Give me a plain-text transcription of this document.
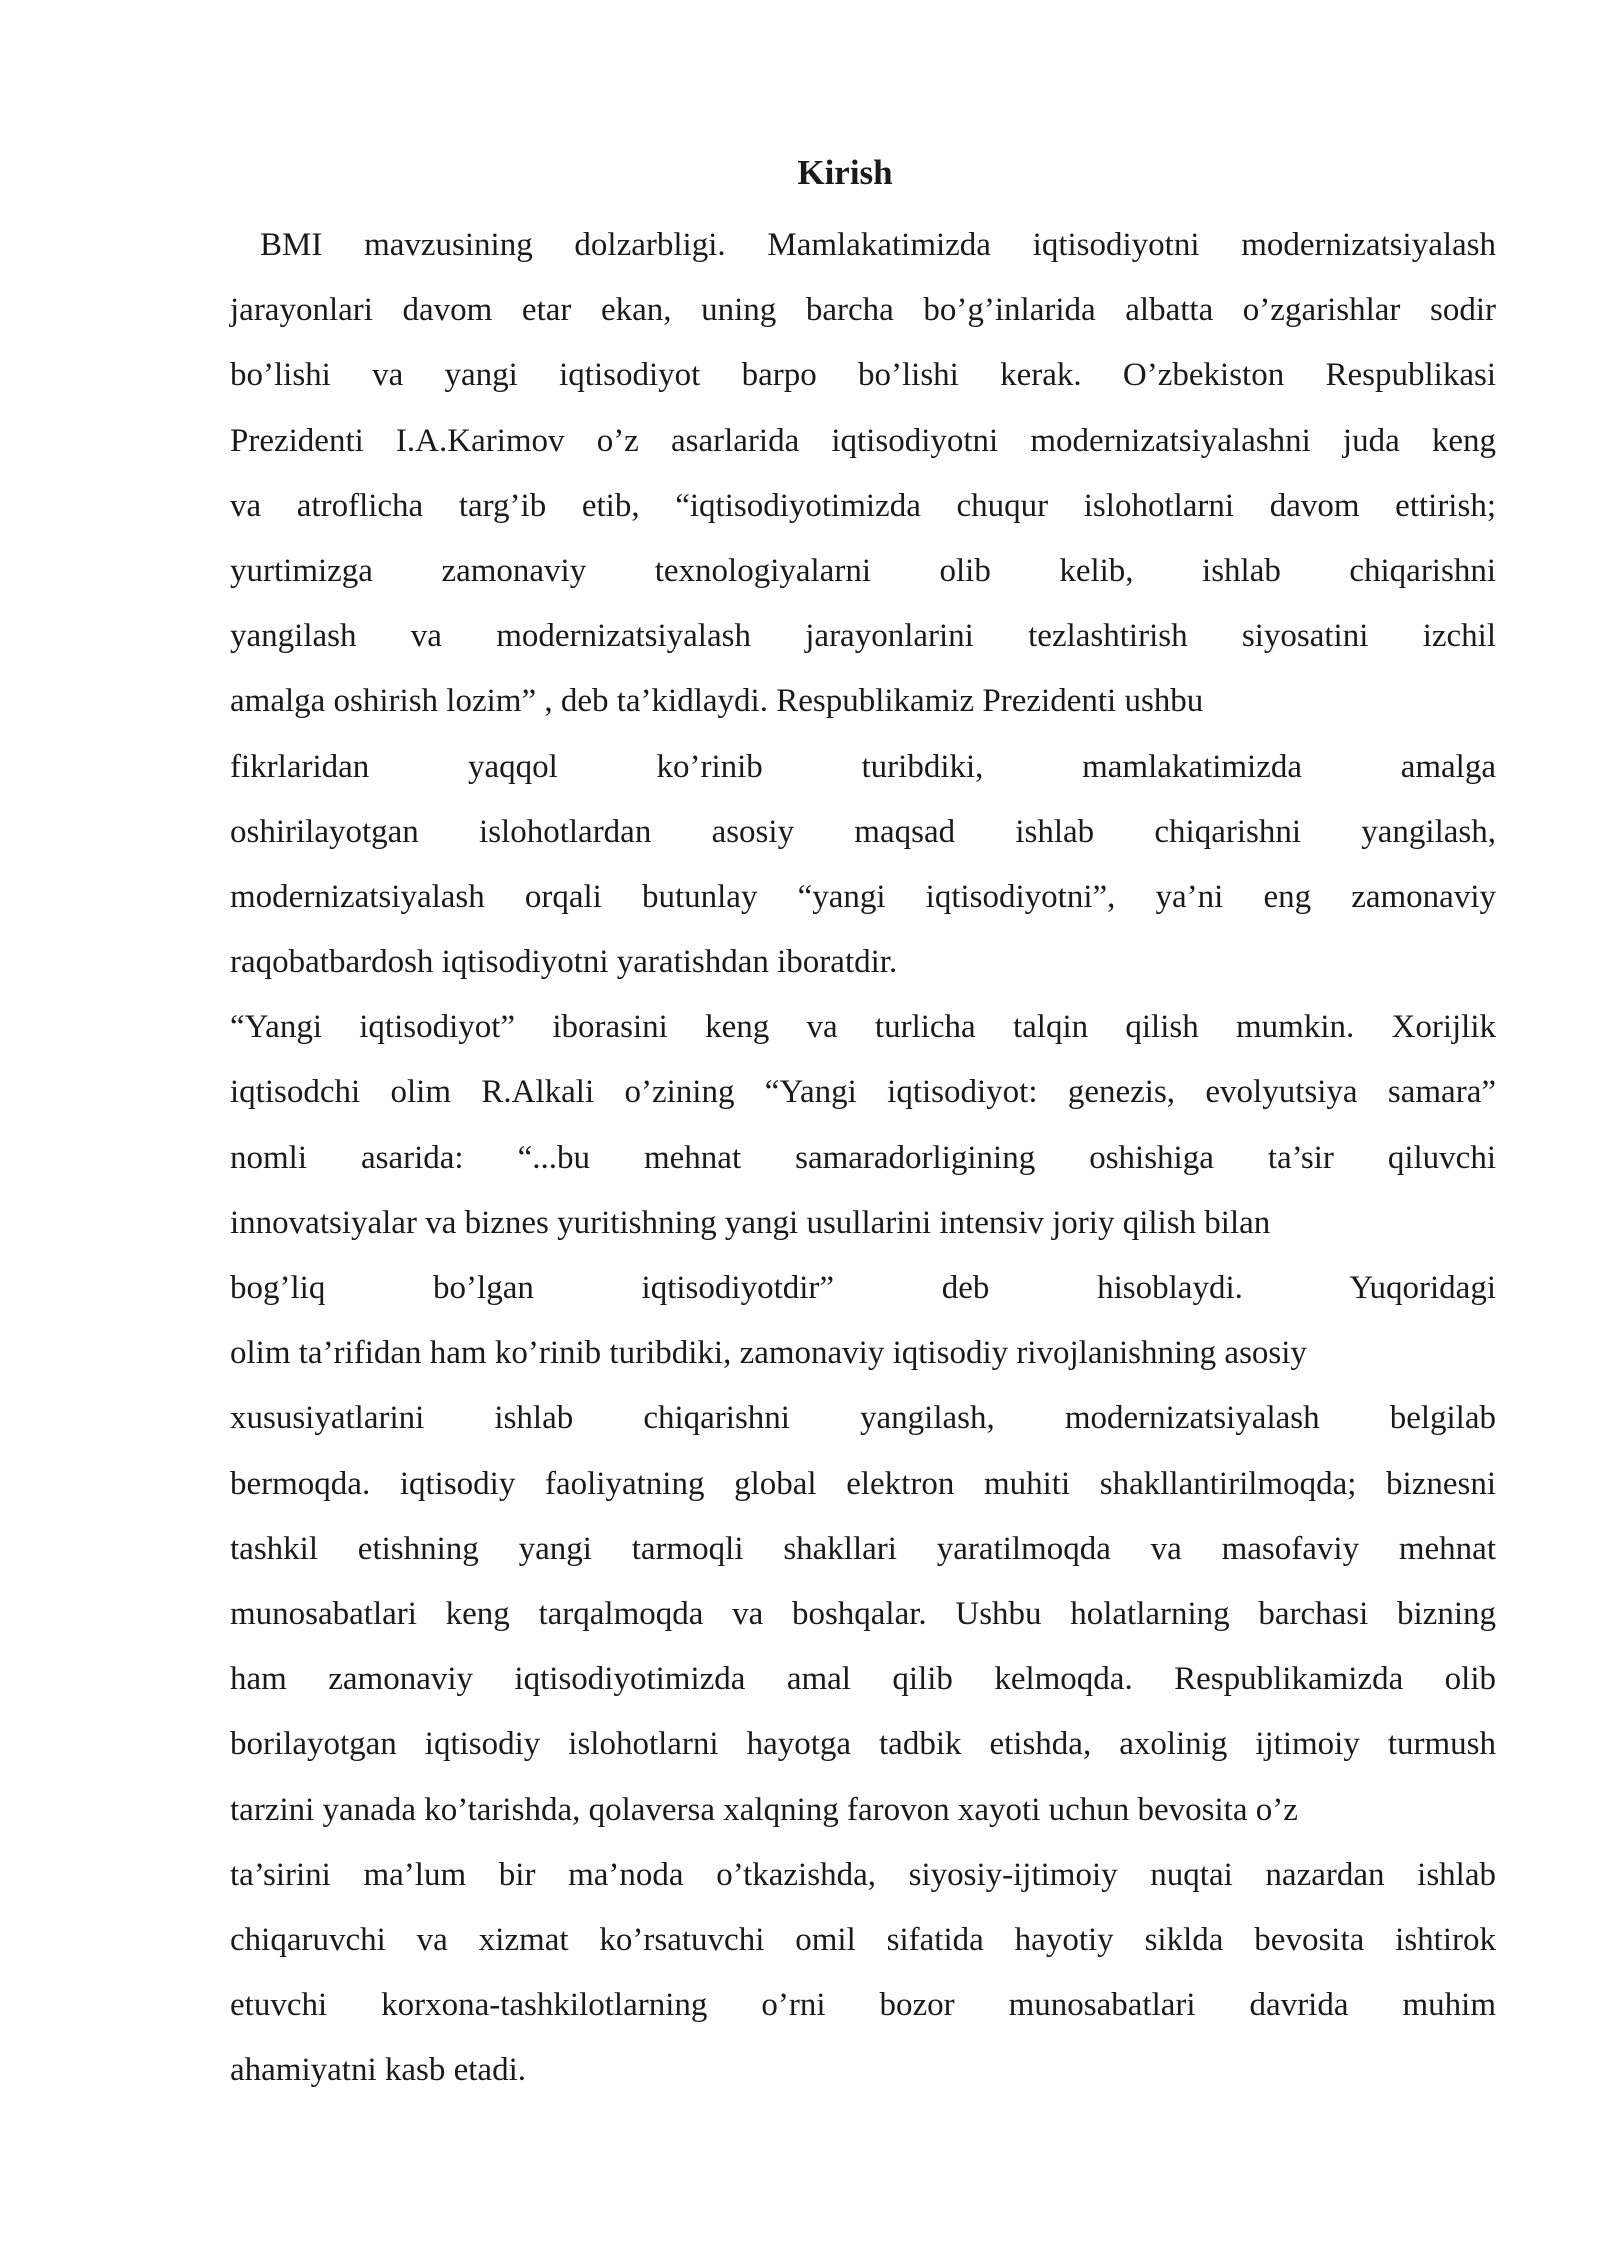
Kirish
BMI mavzusining dolzarbligi. Mamlakatimizda iqtisodiyotni modernizatsiyalash
jarayonlari davom etar ekan, uning barcha bo’g’inlarida albatta o’zgarishlar sodir
bo’lishi va yangi iqtisodiyot barpo bo’lishi kerak. O’zbekiston Respublikasi
Prezidenti I.A.Karimov o’z asarlarida iqtisodiyotni modernizatsiyalashni juda keng
va atroflicha targ’ib etib, “iqtisodiyotimizda chuqur islohotlarni davom ettirish;
yurtimizga zamonaviy texnologiyalarni olib kelib, ishlab chiqarishni
yangilash va modernizatsiyalash jarayonlarini tezlashtirish siyosatini izchil
amalga oshirish lozim” , deb ta’kidlaydi. Respublikamiz Prezidenti ushbu
fikrlaridan yaqqol ko’rinib turibdiki, mamlakatimizda amalga
oshirilayotgan islohotlardan asosiy maqsad ishlab chiqarishni yangilash,
modernizatsiyalash orqali butunlay “yangi iqtisodiyotni”, ya’ni eng zamonaviy
raqobatbardosh iqtisodiyotni yaratishdan iboratdir.
“Yangi iqtisodiyot” iborasini keng va turlicha talqin qilish mumkin. Xorijlik
iqtisodchi olim R.Alkali o’zining “Yangi iqtisodiyot: genezis, evolyutsiya samara”
nomli asarida: “...bu mehnat samaradorligining oshishiga ta’sir qiluvchi
innovatsiyalar va biznes yuritishning yangi usullarini intensiv joriy qilish bilan
bog’liq bo’lgan iqtisodiyotdir” deb hisoblaydi. Yuqoridagi
olim ta’rifidan ham ko’rinib turibdiki, zamonaviy iqtisodiy rivojlanishning asosiy
xususiyatlarini ishlab chiqarishni yangilash, modernizatsiyalash belgilab
bermoqda. iqtisodiy faoliyatning global elektron muhiti shakllantirilmoqda; biznesni
tashkil etishning yangi tarmoqli shakllari yaratilmoqda va masofaviy mehnat
munosabatlari keng tarqalmoqda va boshqalar. Ushbu holatlarning barchasi bizning
ham zamonaviy iqtisodiyotimizda amal qilib kelmoqda. Respublikamizda olib
borilayotgan iqtisodiy islohotlarni hayotga tadbik etishda, axolinig ijtimoiy turmush
tarzini yanada ko’tarishda, qolaversa xalqning farovon xayoti uchun bevosita o’z
ta’sirini ma’lum bir ma’noda o’tkazishda, siyosiy-ijtimoiy nuqtai nazardan ishlab
chiqaruvchi va xizmat ko’rsatuvchi omil sifatida hayotiy siklda bevosita ishtirok
etuvchi korxona-tashkilotlarning o’rni bozor munosabatlari davrida muhim
ahamiyatni kasb etadi.
